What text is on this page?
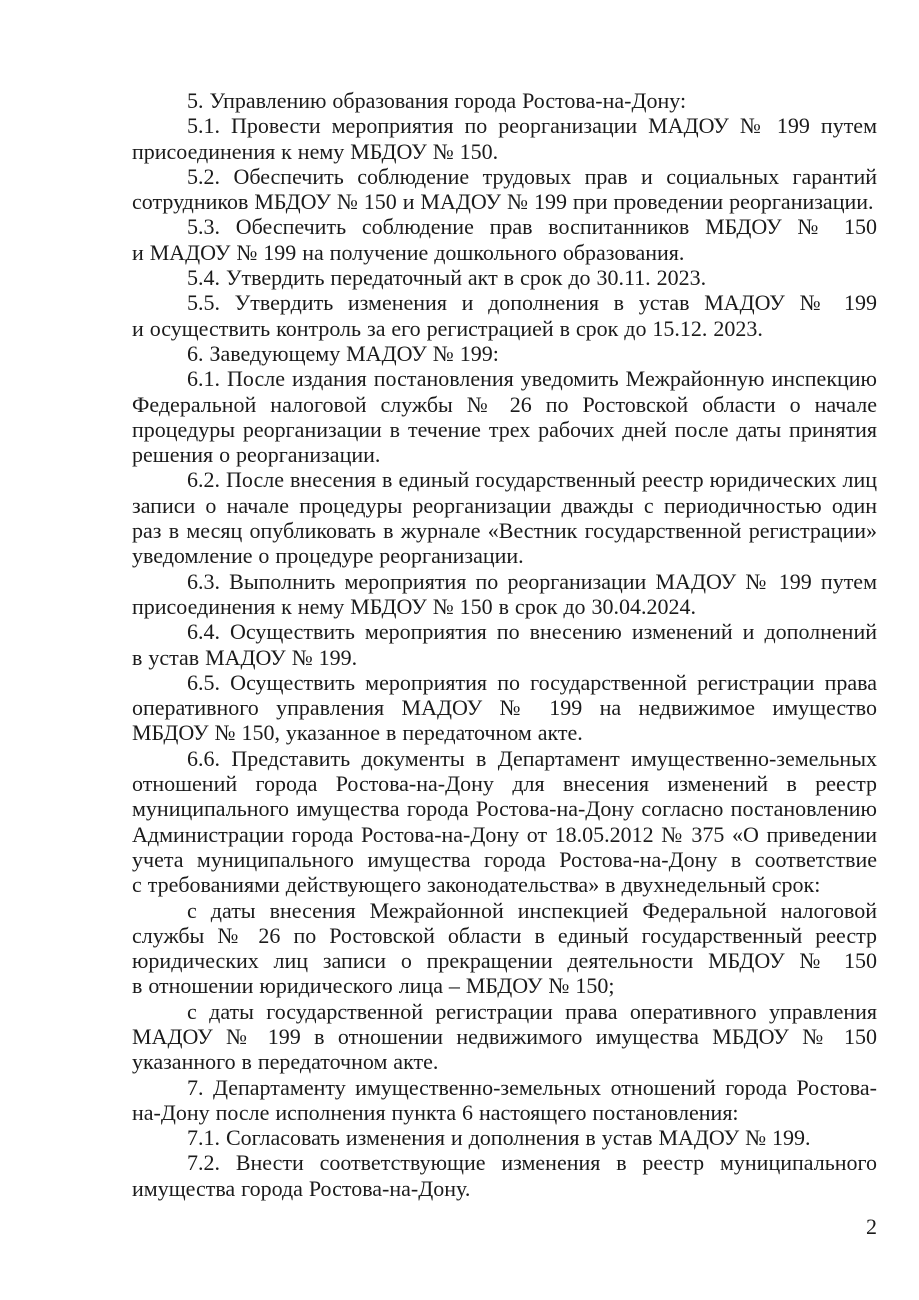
5. Управлению образования города Ростова-на-Дону:

5.1. Провести мероприятия по реорганизации МАДОУ № 199 путем присоединения к нему МБДОУ № 150.

5.2. Обеспечить соблюдение трудовых прав и социальных гарантий сотрудников МБДОУ № 150 и МАДОУ № 199 при проведении реорганизации.

5.3. Обеспечить соблюдение прав воспитанников МБДОУ № 150 и МАДОУ № 199 на получение дошкольного образования.

5.4. Утвердить передаточный акт в срок до 30.11. 2023.

5.5. Утвердить изменения и дополнения в устав МАДОУ № 199 и осуществить контроль за его регистрацией в срок до 15.12. 2023.

6. Заведующему МАДОУ № 199:

6.1. После издания постановления уведомить Межрайонную инспекцию Федеральной налоговой службы № 26 по Ростовской области о начале процедуры реорганизации в течение трех рабочих дней после даты принятия решения о реорганизации.

6.2. После внесения в единый государственный реестр юридических лиц записи о начале процедуры реорганизации дважды с периодичностью один раз в месяц опубликовать в журнале «Вестник государственной регистрации» уведомление о процедуре реорганизации.

6.3. Выполнить мероприятия по реорганизации МАДОУ № 199 путем присоединения к нему МБДОУ № 150 в срок до 30.04.2024.

6.4. Осуществить мероприятия по внесению изменений и дополнений в устав МАДОУ № 199.

6.5. Осуществить мероприятия по государственной регистрации права оперативного управления МАДОУ № 199 на недвижимое имущество МБДОУ № 150, указанное в передаточном акте.

6.6. Представить документы в Департамент имущественно-земельных отношений города Ростова-на-Дону для внесения изменений в реестр муниципального имущества города Ростова-на-Дону согласно постановлению Администрации города Ростова-на-Дону от 18.05.2012 № 375 «О приведении учета муниципального имущества города Ростова-на-Дону в соответствие с требованиями действующего законодательства» в двухнедельный срок:

с даты внесения Межрайонной инспекцией Федеральной налоговой службы № 26 по Ростовской области в единый государственный реестр юридических лиц записи о прекращении деятельности МБДОУ № 150 в отношении юридического лица – МБДОУ № 150;

с даты государственной регистрации права оперативного управления МАДОУ № 199 в отношении недвижимого имущества МБДОУ № 150 указанного в передаточном акте.

7. Департаменту имущественно-земельных отношений города Ростова-на-Дону после исполнения пункта 6 настоящего постановления:

7.1. Согласовать изменения и дополнения в устав МАДОУ № 199.

7.2. Внести соответствующие изменения в реестр муниципального имущества города Ростова-на-Дону.

2
